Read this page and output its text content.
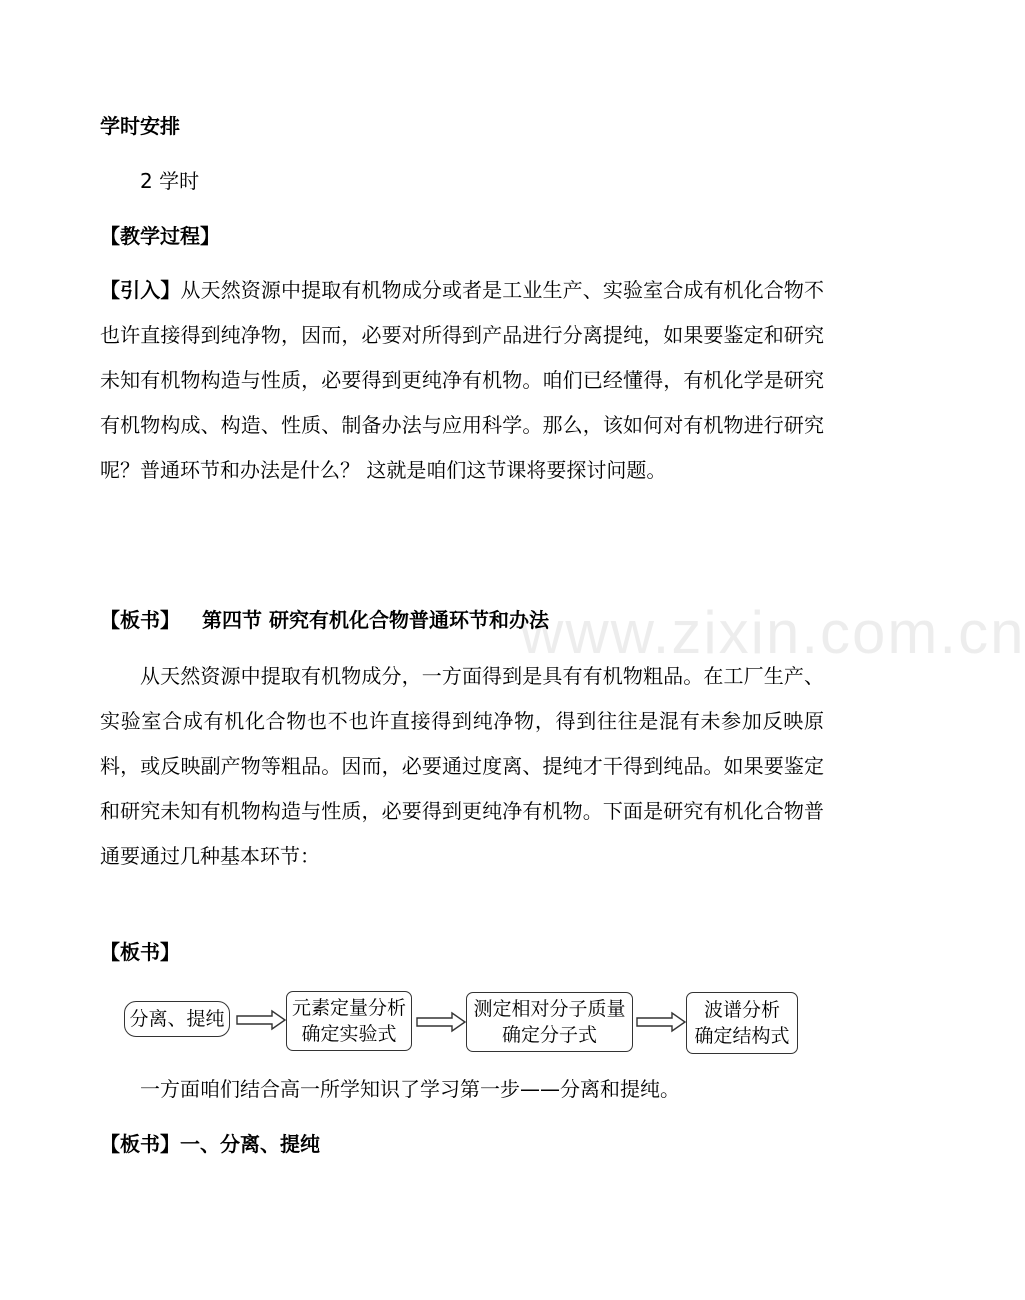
www.zixin.com.cn
学时安排
2 学时
【教学过程】
【引入】从天然资源中提取有机物成分或者是工业生产、实验室合成有机化合物不也许直接得到纯净物，因而，必要对所得到产品进行分离提纯，如果要鉴定和研究未知有机物构造与性质，必要得到更纯净有机物。咱们已经懂得，有机化学是研究有机物构成、构造、性质、制备办法与应用科学。那么，该如何对有机物进行研究呢？普通环节和办法是什么？ 这就是咱们这节课将要探讨问题。
【板书】 第四节 研究有机化合物普通环节和办法
从天然资源中提取有机物成分，一方面得到是具有有机物粗品。在工厂生产、实验室合成有机化合物也不也许直接得到纯净物，得到往往是混有未参加反映原料，或反映副产物等粗品。因而，必要通过度离、提纯才干得到纯品。如果要鉴定和研究未知有机物构造与性质，必要得到更纯净有机物。下面是研究有机化合物普通要通过几种基本环节：
【板书】
分离、提纯	元素定量分析
确定实验式
测定相对分子质量
确定分子式
波谱分析
确定结构式
一方面咱们结合高一所学知识了学习第一步——分离和提纯。
【板书】一、分离、提纯
